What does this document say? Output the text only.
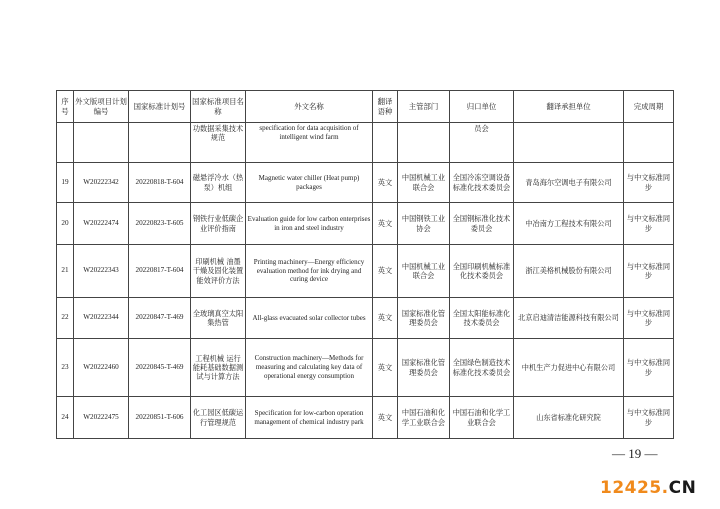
序号	外文版项目计划编号	国家标准计划号	国家标准项目名称	外文名称	翻译语种	主管部门	归口单位	翻译承担单位	完成周期
			功数据采集技术规范	specification for data acquisition of intelligent wind farm			员会		
19	W20222342	20220818-T-604	磁悬浮冷水（热泵）机组	Magnetic water chiller (Heat pump) packages	英文	中国机械工业联合会	全国冷冻空调设备标准化技术委员会	青岛海尔空调电子有限公司	与中文标准同步
20	W20222474	20220823-T-605	钢铁行业低碳企业评价指南	Evaluation guide for low carbon enterprises in iron and steel industry	英文	中国钢铁工业协会	全国钢标准化技术委员会	中冶南方工程技术有限公司	与中文标准同步
21	W20222343	20220817-T-604	印刷机械 油墨干燥及固化装置能效评价方法	Printing machinery—Energy efficiency evaluation method for ink drying and curing device	英文	中国机械工业联合会	全国印刷机械标准化技术委员会	浙江美格机械股份有限公司	与中文标准同步
22	W20222344	20220847-T-469	全玻璃真空太阳集热管	All-glass evacuated solar collector tubes	英文	国家标准化管理委员会	全国太阳能标准化技术委员会	北京启迪清洁能源科技有限公司	与中文标准同步
23	W20222460	20220845-T-469	工程机械 运行能耗基础数据测试与计算方法	Construction machinery—Methods for measuring and calculating key data of operational energy consumption	英文	国家标准化管理委员会	全国绿色制造技术标准化技术委员会	中机生产力促进中心有限公司	与中文标准同步
24	W20222475	20220851-T-606	化工园区低碳运行管理规范	Specification for low-carbon operation management of chemical industry park	英文	中国石油和化学工业联合会	中国石油和化学工业联合会	山东省标准化研究院	与中文标准同步
— 19 —
12425.CN
